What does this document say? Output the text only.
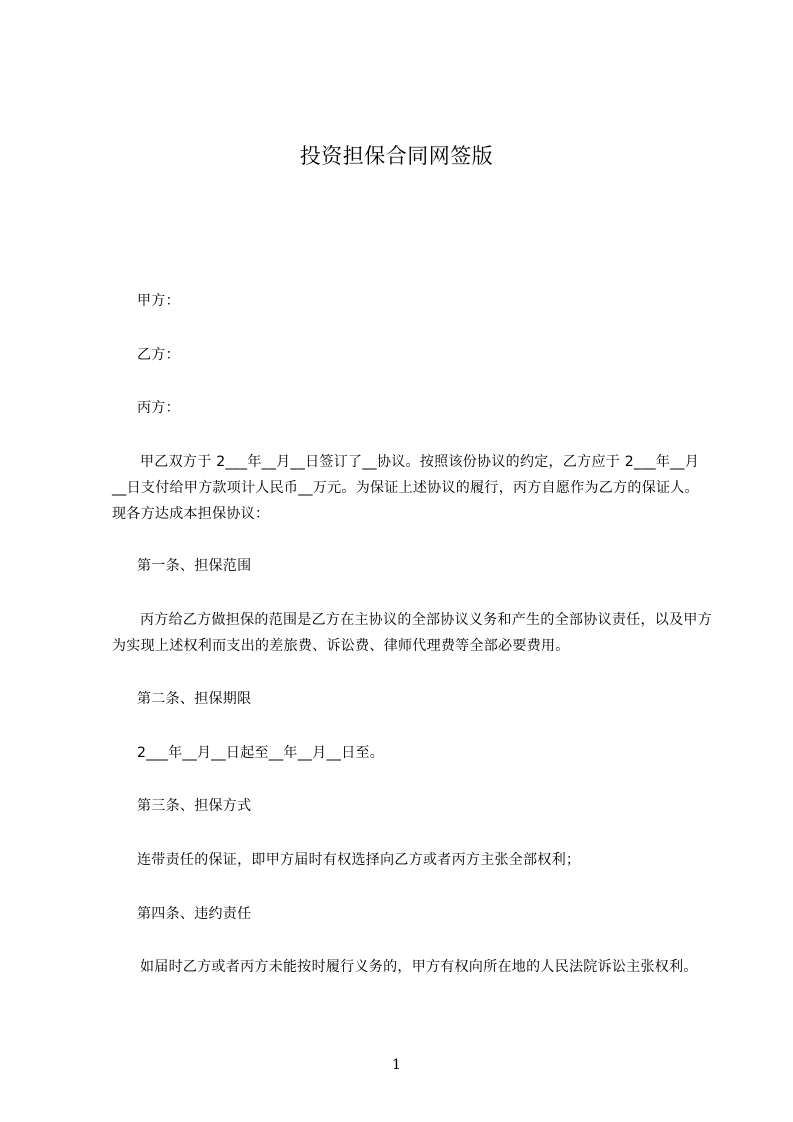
投资担保合同网签版

甲方：

乙方：

丙方：

甲乙双方于 2___年__月__日签订了__协议。按照该份协议的约定，乙方应于 2___年__月__日支付给甲方款项计人民币__万元。为保证上述协议的履行，丙方自愿作为乙方的保证人。现各方达成本担保协议：

第一条、担保范围

丙方给乙方做担保的范围是乙方在主协议的全部协议义务和产生的全部协议责任，以及甲方为实现上述权利而支出的差旅费、诉讼费、律师代理费等全部必要费用。

第二条、担保期限

2___年__月__日起至__年__月__日至。

第三条、担保方式

连带责任的保证，即甲方届时有权选择向乙方或者丙方主张全部权利；

第四条、违约责任

如届时乙方或者丙方未能按时履行义务的，甲方有权向所在地的人民法院诉讼主张权利。

1
